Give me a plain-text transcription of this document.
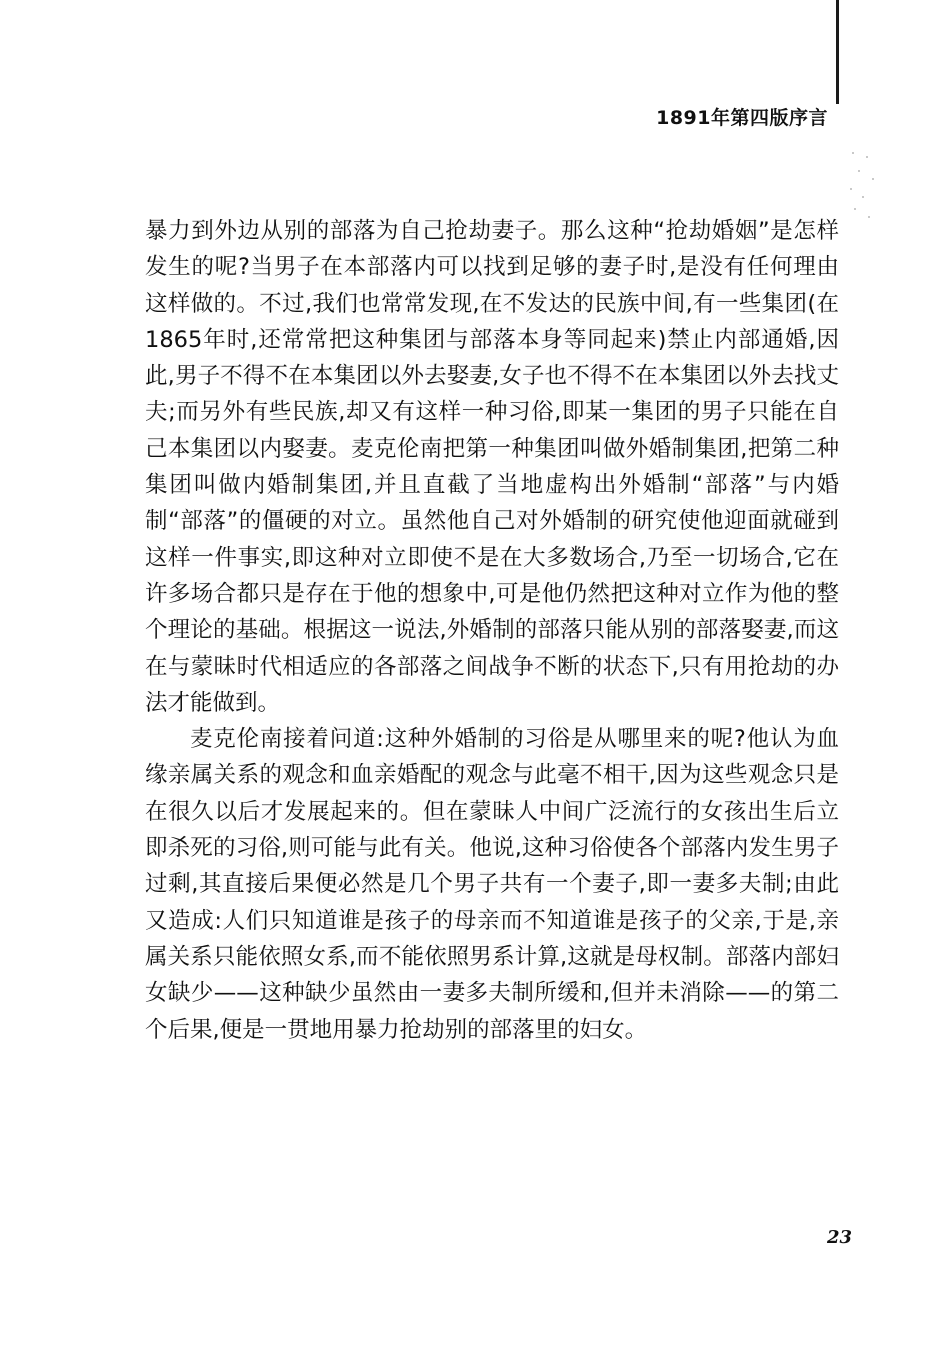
1891年第四版序言

暴力到外边从别的部落为自己抢劫妻子。那么这种“抢劫婚姻”是怎样发生的呢?当男子在本部落内可以找到足够的妻子时,是没有任何理由这样做的。不过,我们也常常发现,在不发达的民族中间,有一些集团(在1865年时,还常常把这种集团与部落本身等同起来)禁止内部通婚,因此,男子不得不在本集团以外去娶妻,女子也不得不在本集团以外去找丈夫;而另外有些民族,却又有这样一种习俗,即某一集团的男子只能在自己本集团以内娶妻。麦克伦南把第一种集团叫做外婚制集团,把第二种集团叫做内婚制集团,并且直截了当地虚构出外婚制“部落”与内婚制“部落”的僵硬的对立。虽然他自己对外婚制的研究使他迎面就碰到这样一件事实,即这种对立即使不是在大多数场合,乃至一切场合,它在许多场合都只是存在于他的想象中,可是他仍然把这种对立作为他的整个理论的基础。根据这一说法,外婚制的部落只能从别的部落娶妻,而这在与蒙昧时代相适应的各部落之间战争不断的状态下,只有用抢劫的办法才能做到。

麦克伦南接着问道:这种外婚制的习俗是从哪里来的呢?他认为血缘亲属关系的观念和血亲婚配的观念与此毫不相干,因为这些观念只是在很久以后才发展起来的。但在蒙昧人中间广泛流行的女孩出生后立即杀死的习俗,则可能与此有关。他说,这种习俗使各个部落内发生男子过剩,其直接后果便必然是几个男子共有一个妻子,即一妻多夫制;由此又造成:人们只知道谁是孩子的母亲而不知道谁是孩子的父亲,于是,亲属关系只能依照女系,而不能依照男系计算,这就是母权制。部落内部妇女缺少——这种缺少虽然由一妻多夫制所缓和,但并未消除——的第二个后果,便是一贯地用暴力抢劫别的部落里的妇女。

23
